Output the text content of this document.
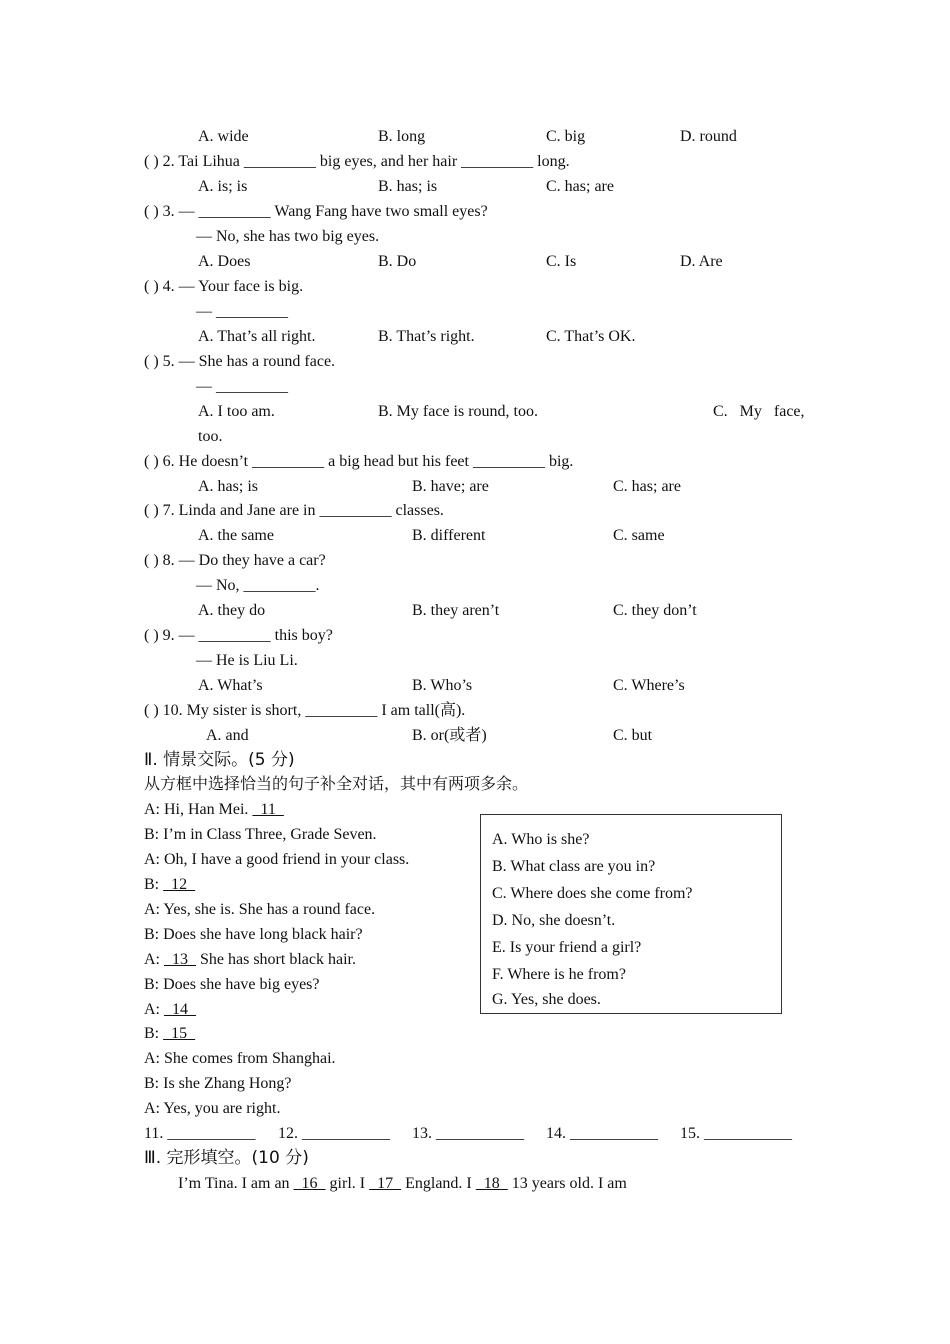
A. wide	B. long	C. big	D. round
( ) 2. Tai Lihua _________ big eyes, and her hair _________ long.
A. is; is	B. has; is	C. has; are
( ) 3. — _________ Wang Fang have two small eyes?
— No, she has two big eyes.
A. Does	B. Do	C. Is	D. Are
( ) 4. — Your face is big.
— _________
A. That’s all right.	B. That’s right.	C. That’s OK.
( ) 5. — She has a round face.
— _________
A. I too am.	B. My face is round, too.	C.   My   face,
too.
( ) 6. He doesn’t _________ a big head but his feet _________ big.
A. has; is	B. have; are	C. has; are
( ) 7. Linda and Jane are in _________ classes.
A. the same	B. different	C. same
( ) 8. — Do they have a car?
— No, _________.
A. they do	B. they aren’t	C. they don’t
( ) 9. — _________ this boy?
— He is Liu Li.
A. What’s	B. Who’s	C. Where’s
( ) 10. My sister is short, _________ I am tall(高).
A. and	B. or(或者)	C. but
Ⅱ. 情景交际。(5 分)
从方框中选择恰当的句子补全对话，其中有两项多余。
A: Hi, Han Mei.   11
B: I’m in Class Three, Grade Seven.
A: Oh, I have a good friend in your class.
B:   12
A: Yes, she is. She has a round face.
B: Does she have long black hair?
A:   13   She has short black hair.
B: Does she have big eyes?
A:   14
B:   15
A: She comes from Shanghai.
B: Is she Zhang Hong?
A: Yes, you are right.
A. Who is she?
B. What class are you in?
C. Where does she come from?
D. No, she doesn’t.
E. Is your friend a girl?
F. Where is he from?
G. Yes, she does.
11. ___________ 12. ___________ 13. ___________ 14. ___________ 15. ___________
Ⅲ. 完形填空。(10 分)
I’m Tina. I am an   16   girl. I   17   England. I   18   13 years old. I am
